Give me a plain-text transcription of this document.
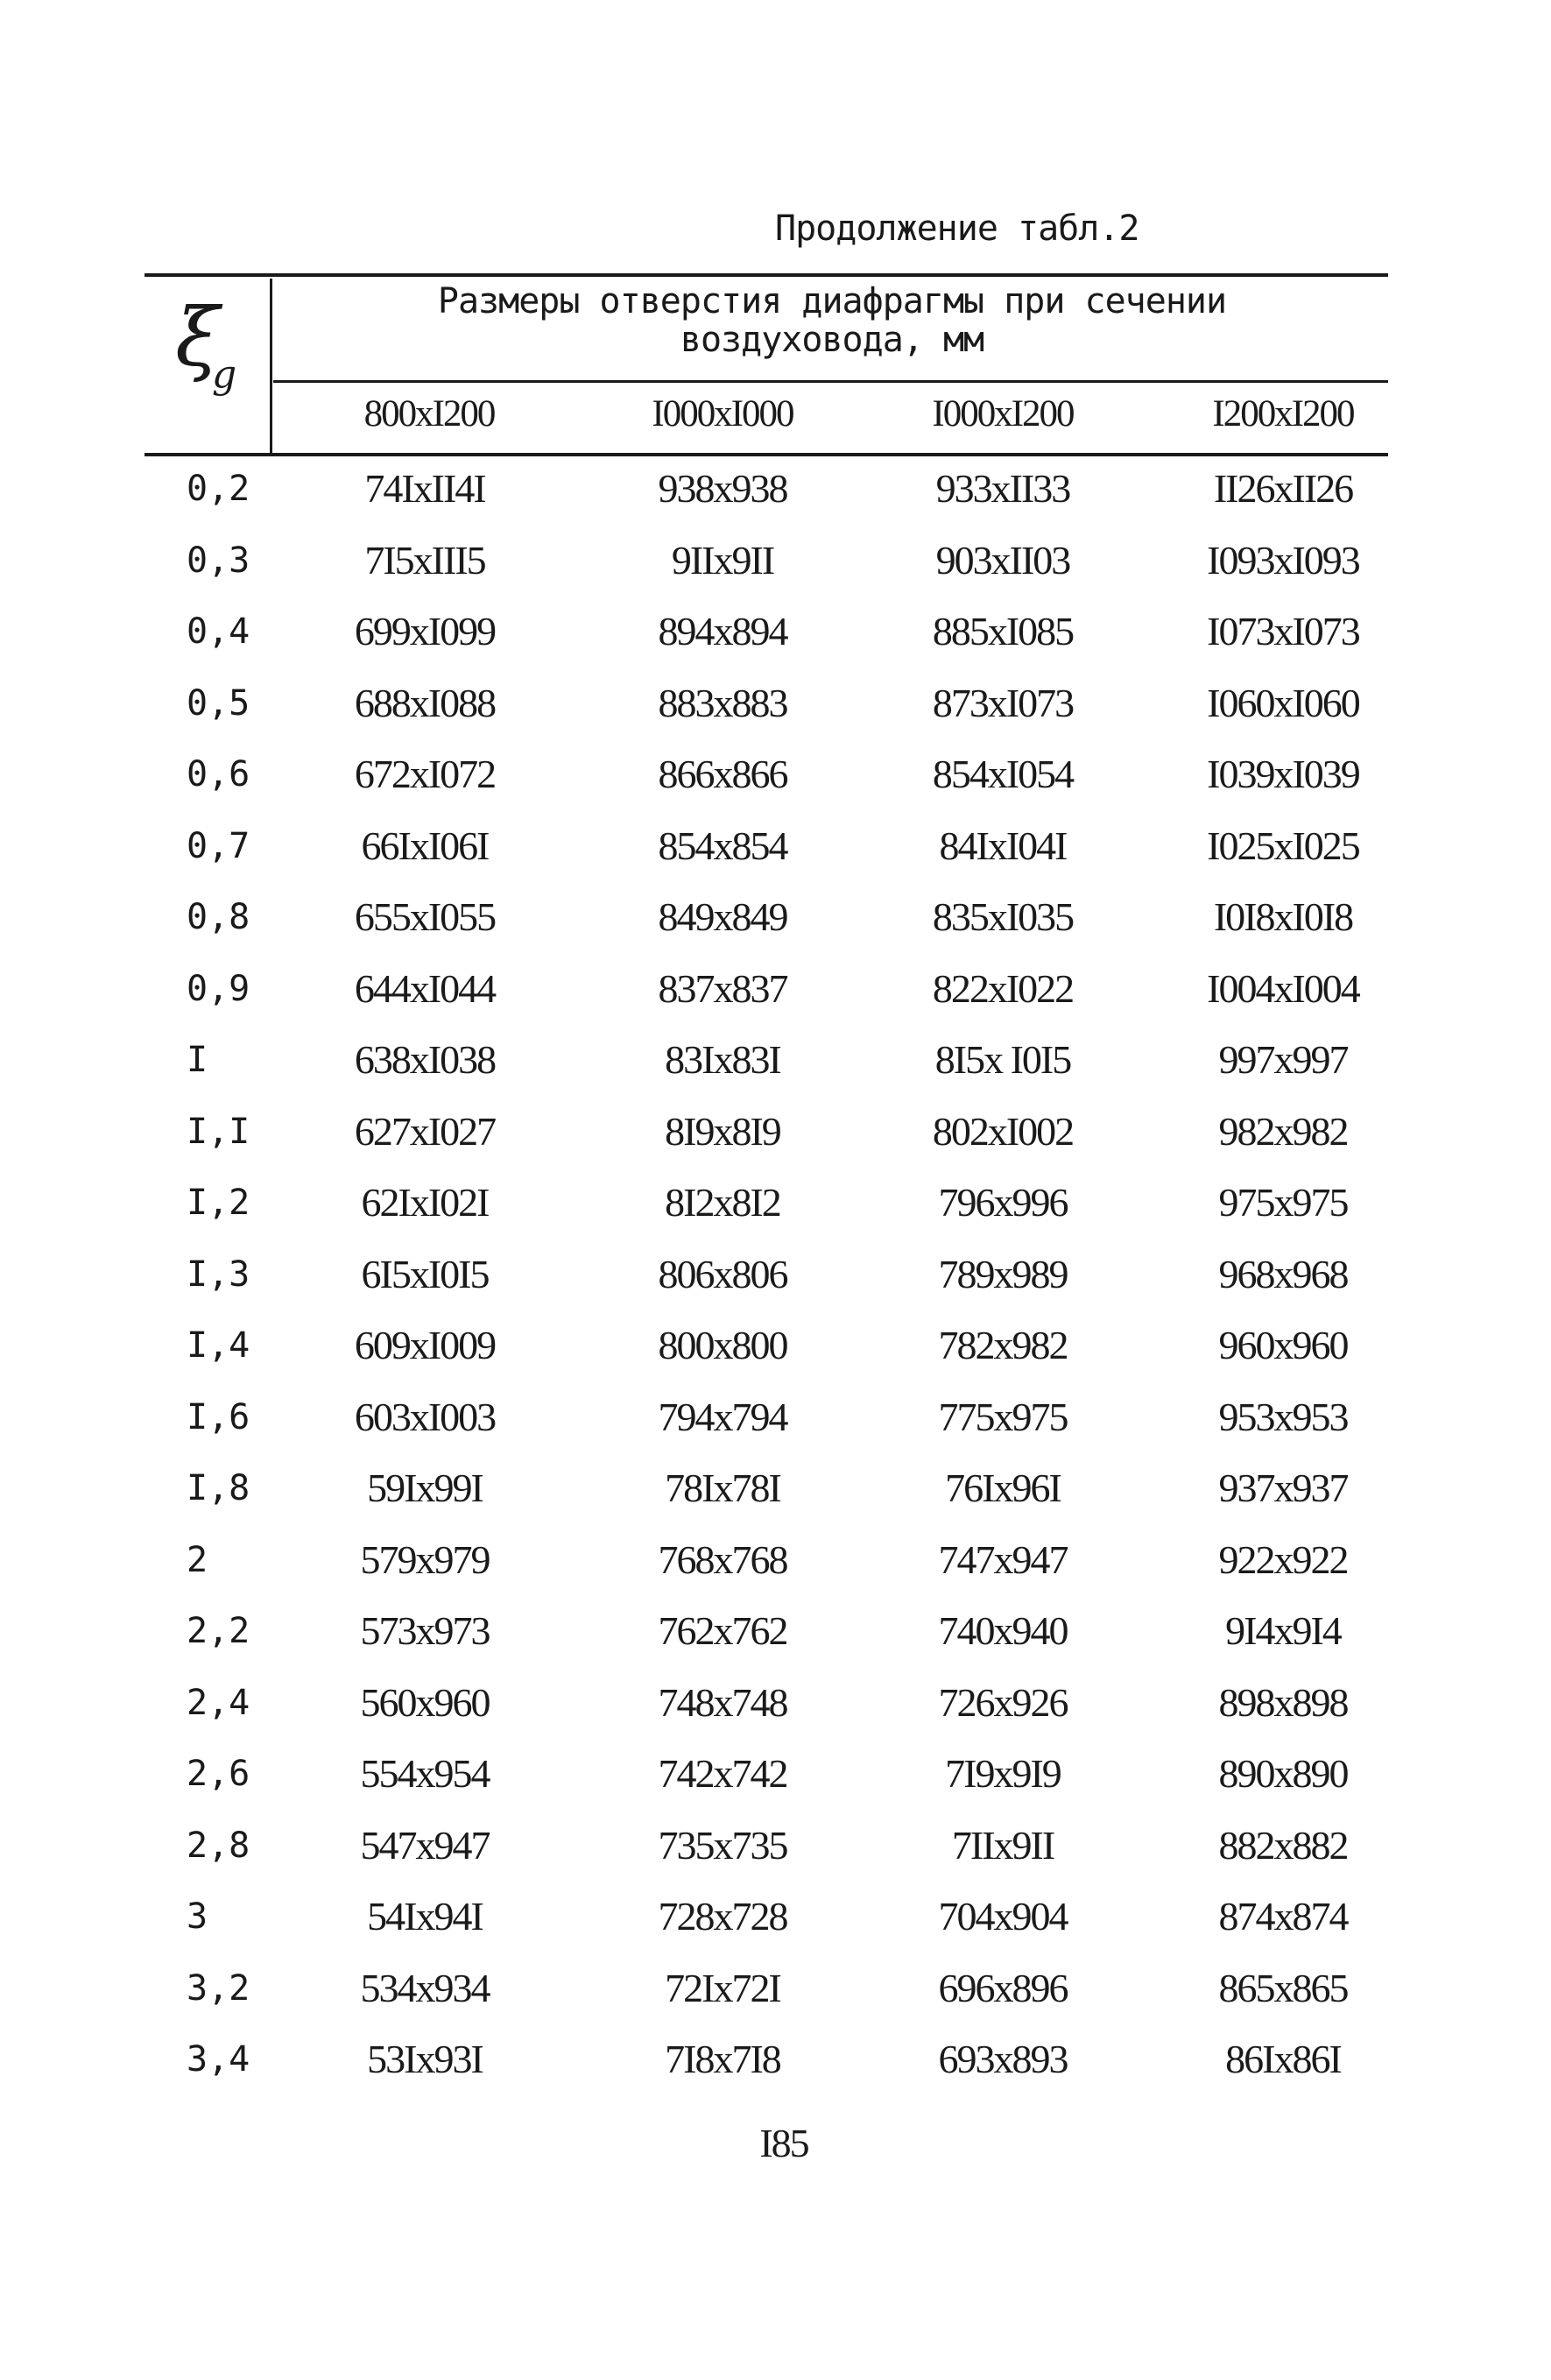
Продолжение табл.2
ξ
g
Размеры отверстия диафрагмы при сечении
воздуховода, мм
800xI200	I000xI000	I000xI200	I200xI200
0,2	74IxII4I	938x938	933xII33	II26xII26
0,3	7I5xIII5	9IIx9II	903xII03	I093xI093
0,4	699xI099	894x894	885xI085	I073xI073
0,5	688xI088	883x883	873xI073	I060xI060
0,6	672xI072	866x866	854xI054	I039xI039
0,7	66IxI06I	854x854	84IxI04I	I025xI025
0,8	655xI055	849x849	835xI035	I0I8xI0I8
0,9	644xI044	837x837	822xI022	I004xI004
I	638xI038	83Ix83I	8I5x I0I5	997x997
I,I	627xI027	8I9x8I9	802xI002	982x982
I,2	62IxI02I	8I2x8I2	796x996	975x975
I,3	6I5xI0I5	806x806	789x989	968x968
I,4	609xI009	800x800	782x982	960x960
I,6	603xI003	794x794	775x975	953x953
I,8	59Ix99I	78Ix78I	76Ix96I	937x937
2	579x979	768x768	747x947	922x922
2,2	573x973	762x762	740x940	9I4x9I4
2,4	560x960	748x748	726x926	898x898
2,6	554x954	742x742	7I9x9I9	890x890
2,8	547x947	735x735	7IIx9II	882x882
3	54Ix94I	728x728	704x904	874x874
3,2	534x934	72Ix72I	696x896	865x865
3,4	53Ix93I	7I8x7I8	693x893	86Ix86I
I85
